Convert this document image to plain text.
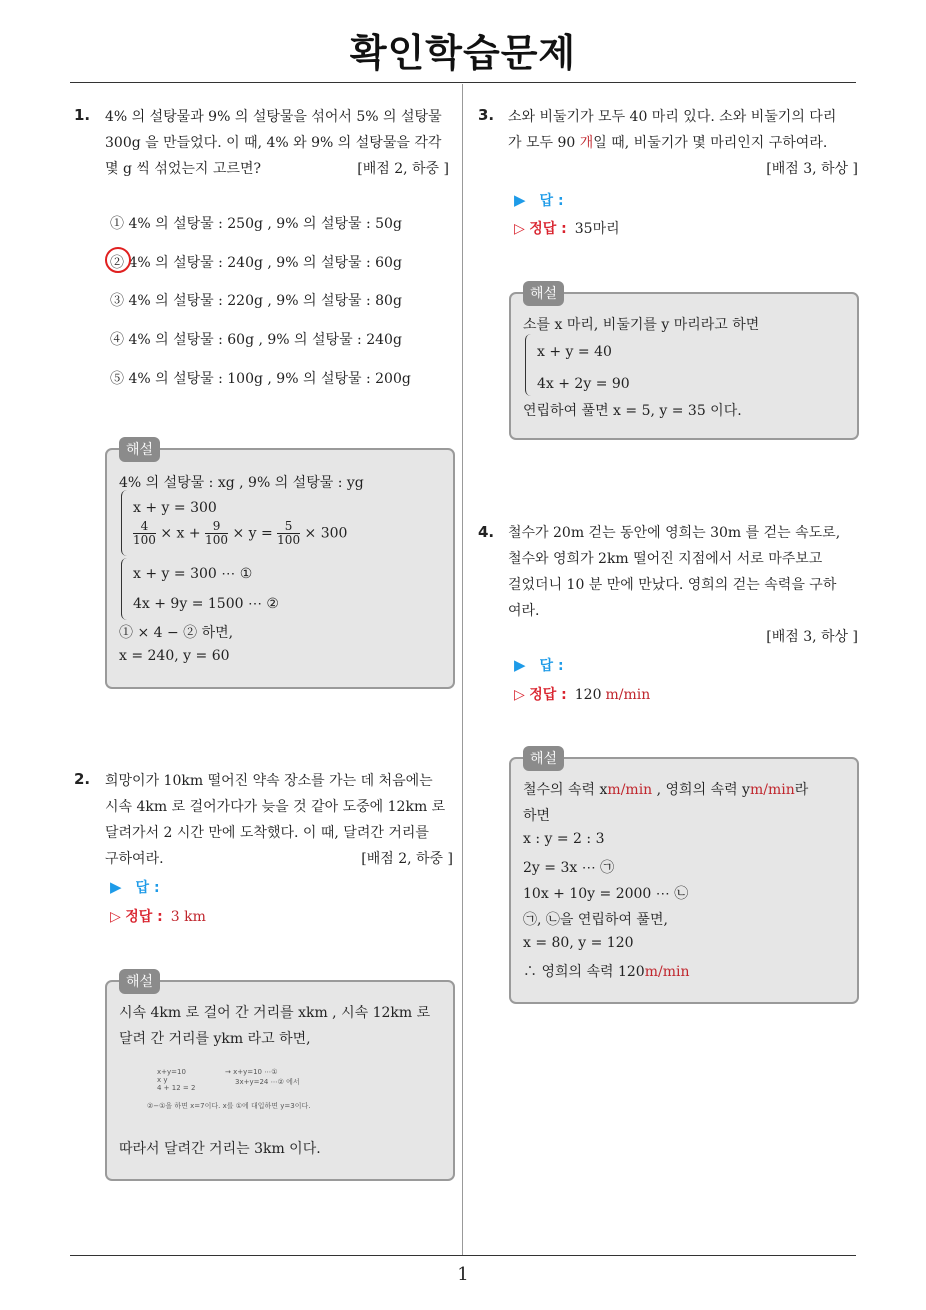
확인학습문제
1
1. 4% 의 설탕물과 9% 의 설탕물을 섞어서 5% 의 설탕물
300g 을 만들었다. 이 때, 4% 와 9% 의 설탕물을 각각
몇 g 씩 섞었는지 고르면?	[배점 2, 하중 ]
① 4% 의 설탕물 : 250g , 9% 의 설탕물 : 50g
② 4% 의 설탕물 : 240g , 9% 의 설탕물 : 60g
③ 4% 의 설탕물 : 220g , 9% 의 설탕물 : 80g
④ 4% 의 설탕물 : 60g , 9% 의 설탕물 : 240g
⑤ 4% 의 설탕물 : 100g , 9% 의 설탕물 : 200g
해설
4% 의 설탕물 : xg , 9% 의 설탕물 : yg
x + y = 300
$\frac{4}{100} \times x + \frac{9}{100} \times y = \frac{5}{100} \times 300$
x + y = 300 ⋯ ①
4x + 9y = 1500 ⋯ ②
① × 4 − ② 하면,
x = 240, y = 60
2. 희망이가 10km 떨어진 약속 장소를 가는 데 처음에는
시속 4km 로 걸어가다가 늦을 것 같아 도중에 12km 로
달려가서 2 시간 만에 도착했다. 이 때, 달려간 거리를
구하여라.	[배점 2, 하중 ]
▶ 답 :
▷ 정답 : 3 km
해설
시속 4km 로 걸어 간 거리를 xkm , 시속 12km 로
달려 간 거리를 ykm 라고 하면,
x+y=10
x y
4 + 12 = 2
→ x+y=10 ⋯①
3x+y=24 ⋯② 에서
②−①을 하면 x=7이다. x를 ①에 대입하면 y=3이다.
따라서 달려간 거리는 3km 이다.
3. 소와 비둘기가 모두 40 마리 있다. 소와 비둘기의 다리
가 모두 90 개일 때, 비둘기가 몇 마리인지 구하여라.
[배점 3, 하상 ]
▶ 답 :
▷ 정답 : 35마리
해설
소를 x 마리, 비둘기를 y 마리라고 하면
x + y = 40
4x + 2y = 90
연립하여 풀면 x = 5, y = 35 이다.
4. 철수가 20m 걷는 동안에 영희는 30m 를 걷는 속도로,
철수와 영희가 2km 떨어진 지점에서 서로 마주보고
걸었더니 10 분 만에 만났다. 영희의 걷는 속력을 구하
여라.
[배점 3, 하상 ]
▶ 답 :
▷ 정답 : 120 m/min
해설
철수의 속력 xm/min , 영희의 속력 ym/min라
하면
x : y = 2 : 3
2y = 3x ⋯ ㉠
10x + 10y = 2000 ⋯ ㉡
㉠, ㉡을 연립하여 풀면,
x = 80, y = 120
∴ 영희의 속력 120m/min
